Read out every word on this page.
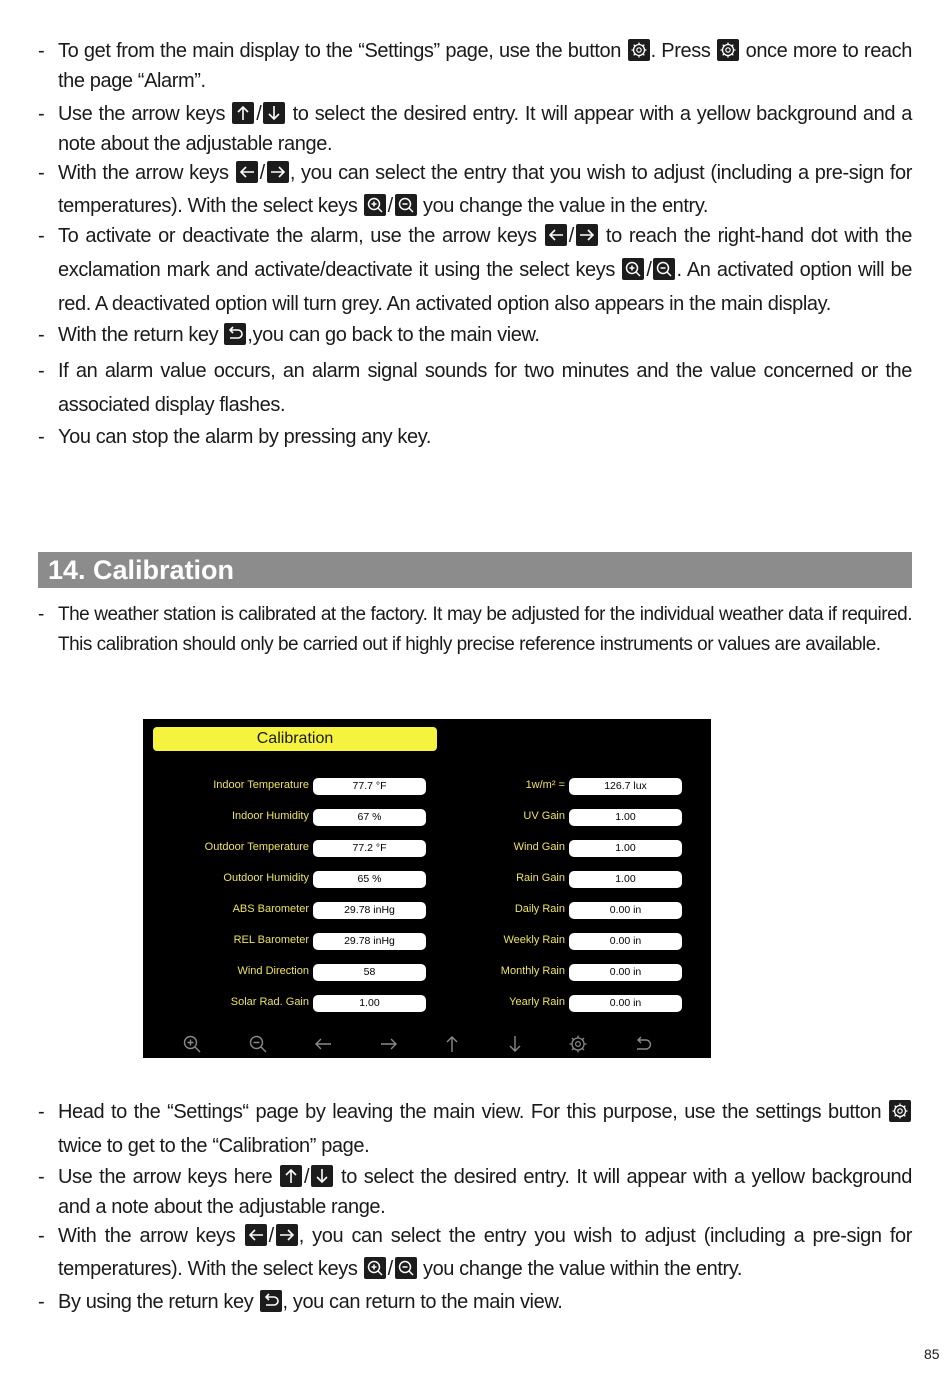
- To get from the main display to the “Settings” page, use the button . Press once more to reach the page “Alarm”.
- Use the arrow keys / to select the desired entry. It will appear with a yellow background and a note about the adjustable range.
- With the arrow keys / , you can select the entry that you wish to adjust (including a pre-sign for temperatures). With the select keys / you change the value in the entry.
- To activate or deactivate the alarm, use the arrow keys / to reach the right-hand dot with the exclamation mark and activate/deactivate it using the select keys / . An activated option will be red. A deactivated option will turn grey. An activated option also appears in the main display.
- With the return key ,you can go back to the main view.
- If an alarm value occurs, an alarm signal sounds for two minutes and the value concerned or the associated display flashes.
- You can stop the alarm by pressing any key.
14. Calibration
- The weather station is calibrated at the factory. It may be adjusted for the individual weather data if required. This calibration should only be carried out if highly precise reference instruments or values are available.
Calibration
Indoor Temperature	77.7 °F
Indoor Humidity	67 %
Outdoor Temperature	77.2 °F
Outdoor Humidity	65 %
ABS Barometer	29.78 inHg
REL Barometer	29.78 inHg
Wind Direction	58
Solar Rad. Gain	1.00
1w/m² =	126.7 lux
UV Gain	1.00
Wind Gain	1.00
Rain Gain	1.00
Daily Rain	0.00 in
Weekly Rain	0.00 in
Monthly Rain	0.00 in
Yearly Rain	0.00 in
- Head to the “Settings“ page by leaving the main view. For this purpose, use the settings button
twice to get to the “Calibration” page.
- Use the arrow keys here / to select the desired entry. It will appear with a yellow background and a note about the adjustable range.
- With the arrow keys / , you can select the entry you wish to adjust (including a pre-sign for temperatures). With the select keys / you change the value within the entry.
- By using the return key , you can return to the main view.
85
